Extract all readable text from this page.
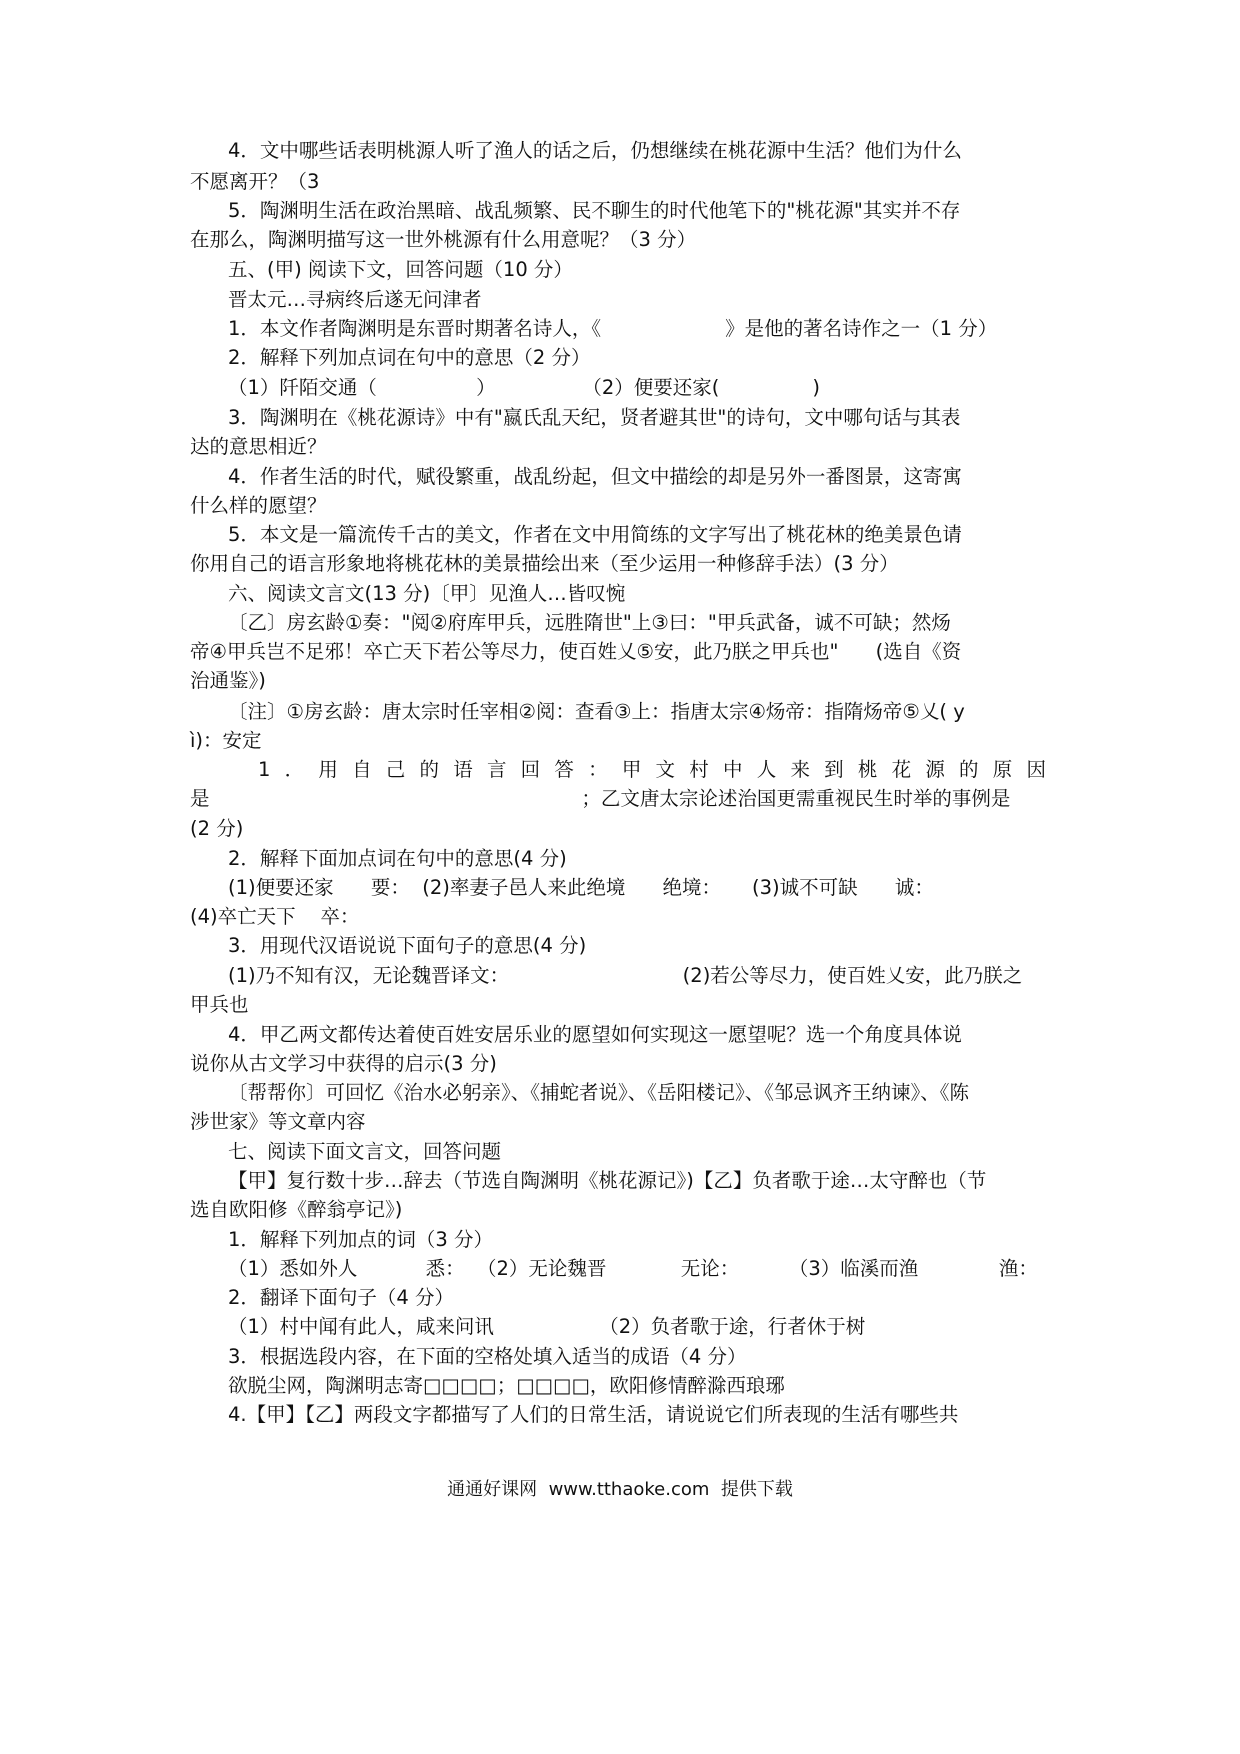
4．文中哪些话表明桃源人听了渔人的话之后，仍想继续在桃花源中生活？他们为什么
不愿离开？（3
5．陶渊明生活在政治黑暗、战乱频繁、民不聊生的时代他笔下的"桃花源"其实并不存
在那么，陶渊明描写这一世外桃源有什么用意呢？（3 分）
五、(甲) 阅读下文，回答问题（10 分）
晋太元…寻病终后遂无问津者
1．本文作者陶渊明是东晋时期著名诗人，《                    》是他的著名诗作之一（1 分）
2．解释下列加点词在句中的意思（2 分）
（1）阡陌交通（                ）              （2）便要还家(               )
3．陶渊明在《桃花源诗》中有"嬴氏乱天纪，贤者避其世"的诗句，文中哪句话与其表
达的意思相近？
4．作者生活的时代，赋役繁重，战乱纷起，但文中描绘的却是另外一番图景，这寄寓
什么样的愿望？
5．本文是一篇流传千古的美文，作者在文中用简练的文字写出了桃花林的绝美景色请
你用自己的语言形象地将桃花林的美景描绘出来（至少运用一种修辞手法）(3 分）
六、阅读文言文(13 分)〔甲〕见渔人…皆叹惋
〔乙〕房玄龄①奏："阅②府库甲兵，远胜隋世"上③曰："甲兵武备，诚不可缺；然炀
帝④甲兵岂不足邪！卒亡天下若公等尽力，使百姓乂⑤安，此乃朕之甲兵也"      (选自《资
治通鉴》)
〔注〕①房玄龄：唐太宗时任宰相②阅：查看③上：指唐太宗④炀帝：指隋炀帝⑤乂( y
ì)：安定
1．用自己的语言回答：甲文村中人来到桃花源的原因
是                                                            ；乙文唐太宗论述治国更需重视民生时举的事例是
(2 分)
2．解释下面加点词在句中的意思(4 分)
(1)便要还家      要：  (2)率妻子邑人来此绝境      绝境：     (3)诚不可缺      诚：
(4)卒亡天下    卒：
3．用现代汉语说说下面句子的意思(4 分)
(1)乃不知有汉，无论魏晋译文：                            (2)若公等尽力，使百姓乂安，此乃朕之
甲兵也
4．甲乙两文都传达着使百姓安居乐业的愿望如何实现这一愿望呢？选一个角度具体说
说你从古文学习中获得的启示(3 分)
〔帮帮你〕可回忆《治水必躬亲》、《捕蛇者说》、《岳阳楼记》、《邹忌讽齐王纳谏》、《陈
涉世家》等文章内容
七、阅读下面文言文，回答问题
【甲】复行数十步…辞去（节选自陶渊明《桃花源记》)【乙】负者歌于途…太守醉也（节
选自欧阳修《醉翁亭记》)
1．解释下列加点的词（3 分）
（1）悉如外人           悉：  （2）无论魏晋            无论：        （3）临溪而渔             渔：
2．翻译下面句子（4 分）
（1）村中闻有此人，咸来问讯                 （2）负者歌于途，行者休于树
3．根据选段内容，在下面的空格处填入适当的成语（4 分）
欲脱尘网，陶渊明志寄□□□□；□□□□，欧阳修情醉滁西琅琊
4.【甲】【乙】两段文字都描写了人们的日常生活，请说说它们所表现的生活有哪些共
通通好课网  www.tthaoke.com  提供下载
